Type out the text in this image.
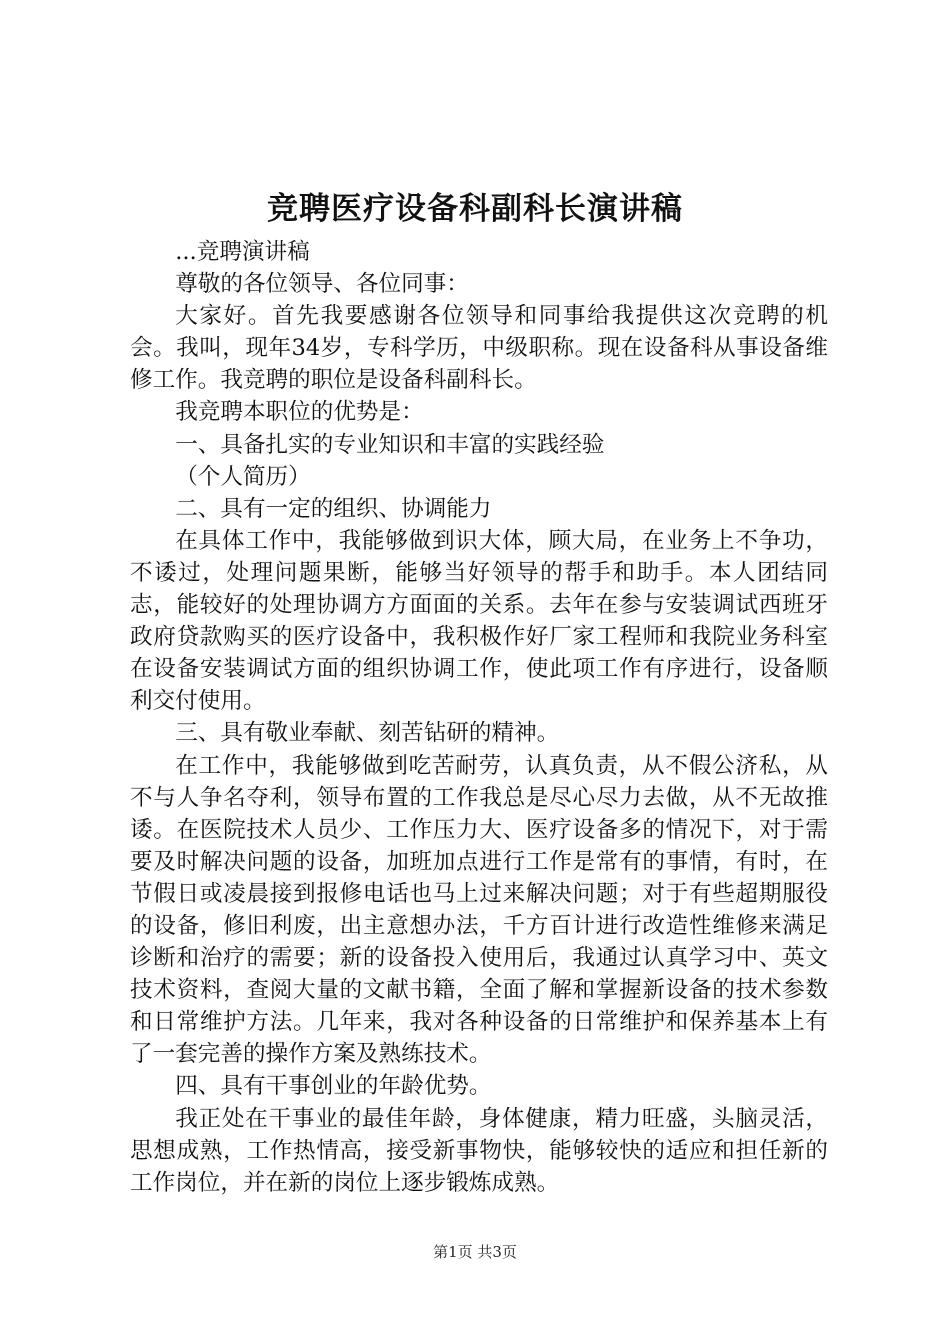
竞聘医疗设备科副科长演讲稿

...竞聘演讲稿

尊敬的各位领导、各位同事：

大家好。首先我要感谢各位领导和同事给我提供这次竞聘的机会。我叫，现年34岁，专科学历，中级职称。现在设备科从事设备维修工作。我竞聘的职位是设备科副科长。

我竞聘本职位的优势是：

一、具备扎实的专业知识和丰富的实践经验

（个人简历）

二、具有一定的组织、协调能力

在具体工作中，我能够做到识大体，顾大局，在业务上不争功，不诿过，处理问题果断，能够当好领导的帮手和助手。本人团结同志，能较好的处理协调方方面面的关系。去年在参与安装调试西班牙政府贷款购买的医疗设备中，我积极作好厂家工程师和我院业务科室在设备安装调试方面的组织协调工作，使此项工作有序进行，设备顺利交付使用。

三、具有敬业奉献、刻苦钻研的精神。

在工作中，我能够做到吃苦耐劳，认真负责，从不假公济私，从不与人争名夺利，领导布置的工作我总是尽心尽力去做，从不无故推诿。在医院技术人员少、工作压力大、医疗设备多的情况下，对于需要及时解决问题的设备，加班加点进行工作是常有的事情，有时，在节假日或凌晨接到报修电话也马上过来解决问题；对于有些超期服役的设备，修旧利废，出主意想办法，千方百计进行改造性维修来满足诊断和治疗的需要；新的设备投入使用后，我通过认真学习中、英文技术资料，查阅大量的文献书籍，全面了解和掌握新设备的技术参数和日常维护方法。几年来，我对各种设备的日常维护和保养基本上有了一套完善的操作方案及熟练技术。

四、具有干事创业的年龄优势。

我正处在干事业的最佳年龄，身体健康，精力旺盛，头脑灵活，思想成熟，工作热情高，接受新事物快，能够较快的适应和担任新的工作岗位，并在新的岗位上逐步锻炼成熟。

第1页 共3页
